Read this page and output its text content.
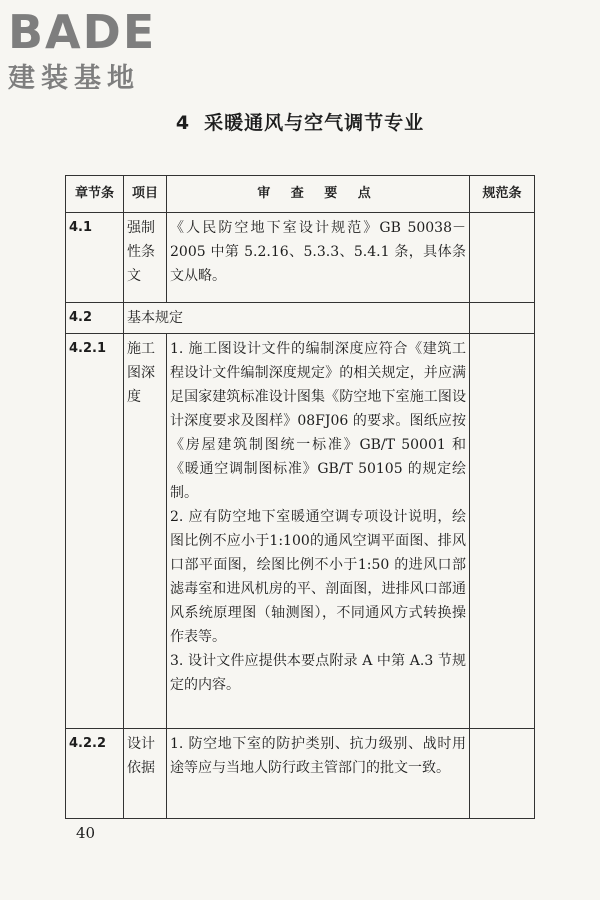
BADE
建装基地
4 采暖通风与空气调节专业
章节条	项目	审 查 要 点	规范条
4.1	强制性条文	《人民防空地下室设计规范》GB 50038－2005 中第 5.2.16、5.3.3、5.4.1 条，具体条文从略。	

4.2	基本规定		
4.2.1	施工图深度	1. 施工图设计文件的编制深度应符合《建筑工程设计文件编制深度规定》的相关规定，并应满足国家建筑标准设计图集《防空地下室施工图设计深度要求及图样》08FJ06 的要求。图纸应按《房屋建筑制图统一标准》GB/T 50001 和《暖通空调制图标准》GB/T 50105 的规定绘制。

2. 应有防空地下室暖通空调专项设计说明，绘图比例不应小于1:100的通风空调平面图、排风口部平面图，绘图比例不小于1:50 的进风口部滤毒室和进风机房的平、剖面图，进排风口部通风系统原理图（轴测图），不同通风方式转换操作表等。

3. 设计文件应提供本要点附录 A 中第 A.3 节规定的内容。	

4.2.2	设计依据	1. 防空地下室的防护类别、抗力级别、战时用途等应与当地人防行政主管部门的批文一致。	

40
